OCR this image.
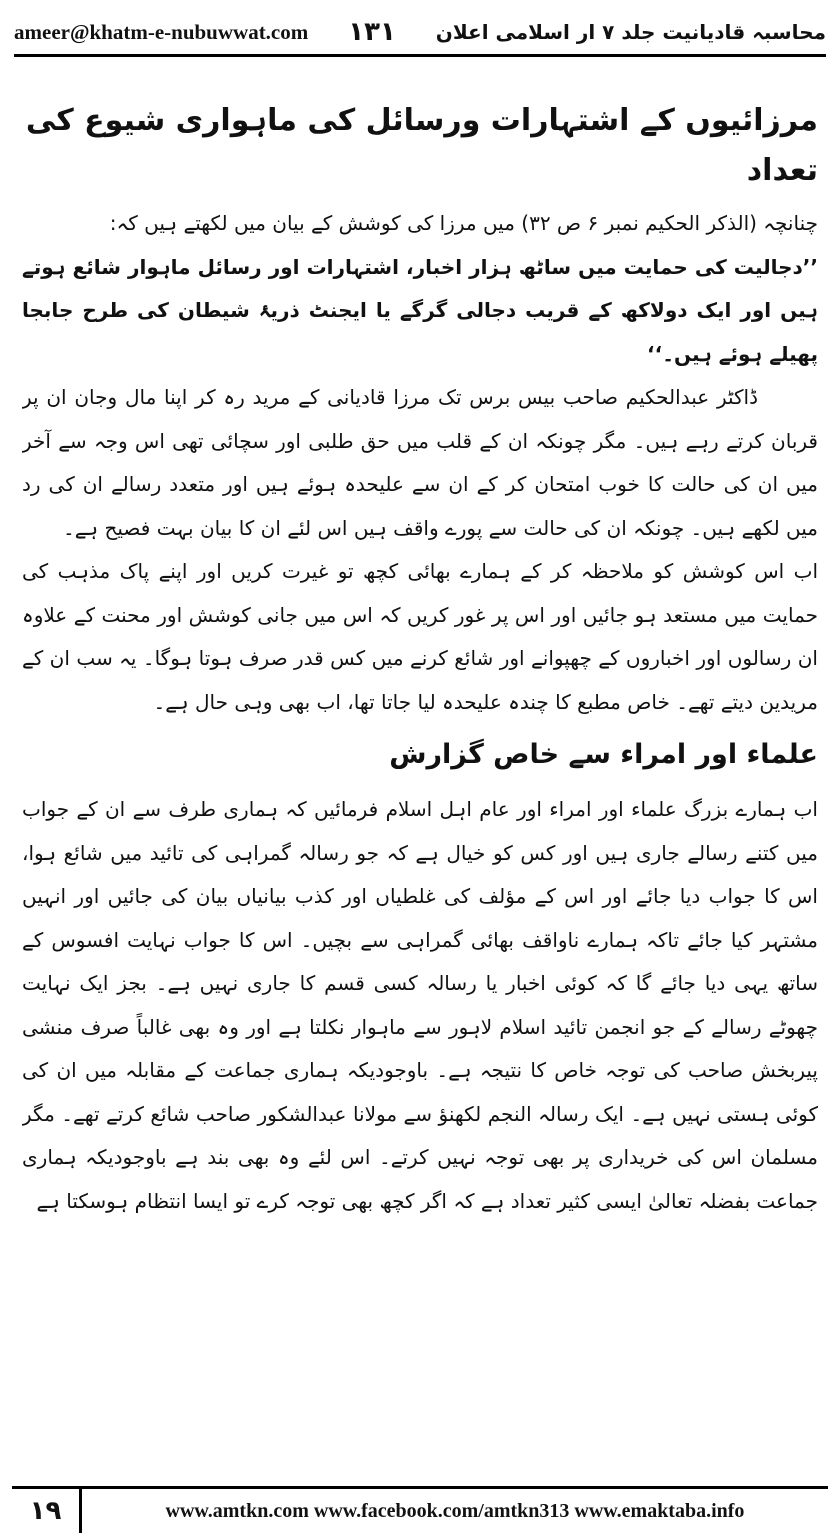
ameer@khatm-e-nubuwwat.com ۱۳۱ محاسبہ قادیانیت جلد ۷ ار اسلامی اعلان
مرزائیوں کے اشتہارات ورسائل کی ماہواری شیوع کی تعداد

چنانچہ (الذکر الحکیم نمبر ۶ ص ۳۲) میں مرزا کی کوشش کے بیان میں لکھتے ہیں کہ:

’’دجالیت کی حمایت میں ساٹھ ہزار اخبار، اشتہارات اور رسائل ماہوار شائع ہوتے ہیں اور ایک دولاکھ کے قریب دجالی گرگے یا ایجنٹ ذریۂ شیطان کی طرح جابجا پھیلے ہوئے ہیں۔‘‘

ڈاکٹر عبدالحکیم صاحب بیس برس تک مرزا قادیانی کے مرید رہ کر اپنا مال وجان ان پر قربان کرتے رہے ہیں۔ مگر چونکہ ان کے قلب میں حق طلبی اور سچائی تھی اس وجہ سے آخر میں ان کی حالت کا خوب امتحان کر کے ان سے علیحدہ ہوئے ہیں اور متعدد رسالے ان کی رد میں لکھے ہیں۔ چونکہ ان کی حالت سے پورے واقف ہیں اس لئے ان کا بیان بہت فصیح ہے۔

اب اس کوشش کو ملاحظہ کر کے ہمارے بھائی کچھ تو غیرت کریں اور اپنے پاک مذہب کی حمایت میں مستعد ہو جائیں اور اس پر غور کریں کہ اس میں جانی کوشش اور محنت کے علاوہ ان رسالوں اور اخباروں کے چھپوانے اور شائع کرنے میں کس قدر صرف ہوتا ہوگا۔ یہ سب ان کے مریدین دیتے تھے۔ خاص مطبع کا چندہ علیحدہ لیا جاتا تھا، اب بھی وہی حال ہے۔

علماء اور امراء سے خاص گزارش

اب ہمارے بزرگ علماء اور امراء اور عام اہل اسلام فرمائیں کہ ہماری طرف سے ان کے جواب میں کتنے رسالے جاری ہیں اور کس کو خیال ہے کہ جو رسالہ گمراہی کی تائید میں شائع ہوا، اس کا جواب دیا جائے اور اس کے مؤلف کی غلطیاں اور کذب بیانیاں بیان کی جائیں اور انہیں مشتہر کیا جائے تاکہ ہمارے ناواقف بھائی گمراہی سے بچیں۔ اس کا جواب نہایت افسوس کے ساتھ یہی دیا جائے گا کہ کوئی اخبار یا رسالہ کسی قسم کا جاری نہیں ہے۔ بجز ایک نہایت چھوٹے رسالے کے جو انجمن تائید اسلام لاہور سے ماہوار نکلتا ہے اور وہ بھی غالباً صرف منشی پیربخش صاحب کی توجہ خاص کا نتیجہ ہے۔ باوجودیکہ ہماری جماعت کے مقابلہ میں ان کی کوئی ہستی نہیں ہے۔ ایک رسالہ النجم لکھنؤ سے مولانا عبدالشکور صاحب شائع کرتے تھے۔ مگر مسلمان اس کی خریداری پر بھی توجہ نہیں کرتے۔ اس لئے وہ بھی بند ہے باوجودیکہ ہماری جماعت بفضلہ تعالیٰ ایسی کثیر تعداد ہے کہ اگر کچھ بھی توجہ کرے تو ایسا انتظام ہوسکتا ہے

۱۹	www.amtkn.com www.facebook.com/amtkn313 www.emaktaba.info
